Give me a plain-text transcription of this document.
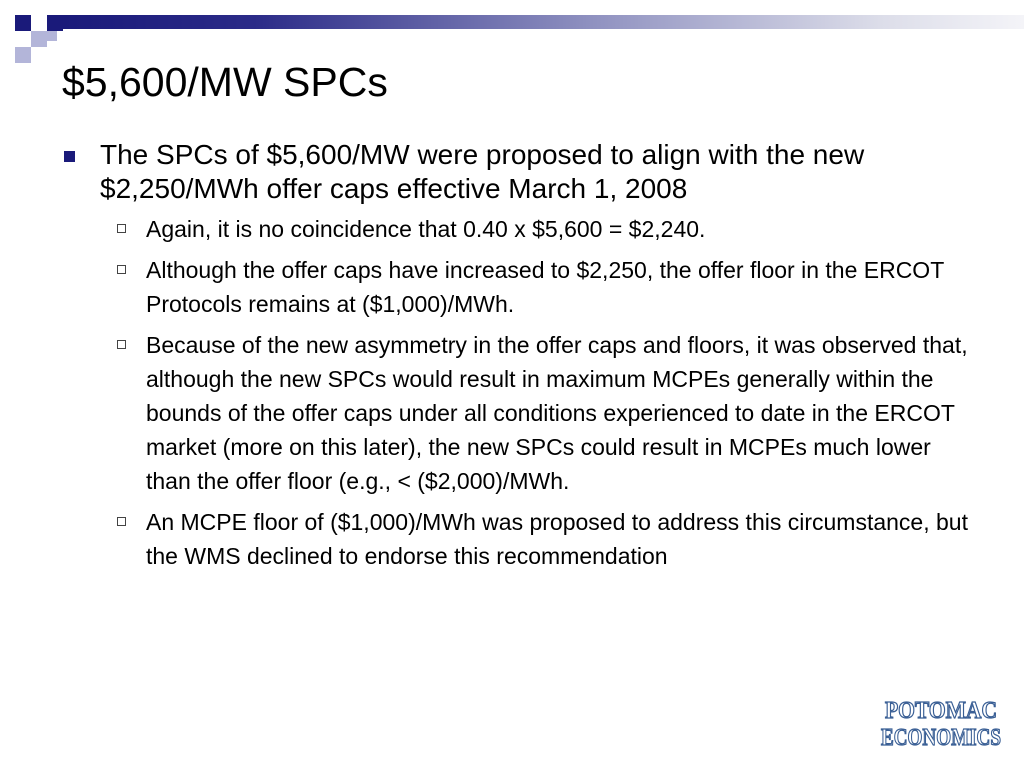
$5,600/MW SPCs
The SPCs of $5,600/MW were proposed to align with the new $2,250/MWh offer caps effective March 1, 2008
Again, it is no coincidence that 0.40 x $5,600 = $2,240.
Although the offer caps have increased to $2,250, the offer floor in the ERCOT Protocols remains at ($1,000)/MWh.
Because of the new asymmetry in the offer caps and floors, it was observed that, although the new SPCs would result in maximum MCPEs generally within the bounds of the offer caps under all conditions experienced to date in the ERCOT market (more on this later), the new SPCs could result in MCPEs much lower than the offer floor (e.g., < ($2,000)/MWh.
An MCPE floor of ($1,000)/MWh was proposed to address this circumstance, but the WMS declined to endorse this recommendation
POTOMAC
ECONOMICS
